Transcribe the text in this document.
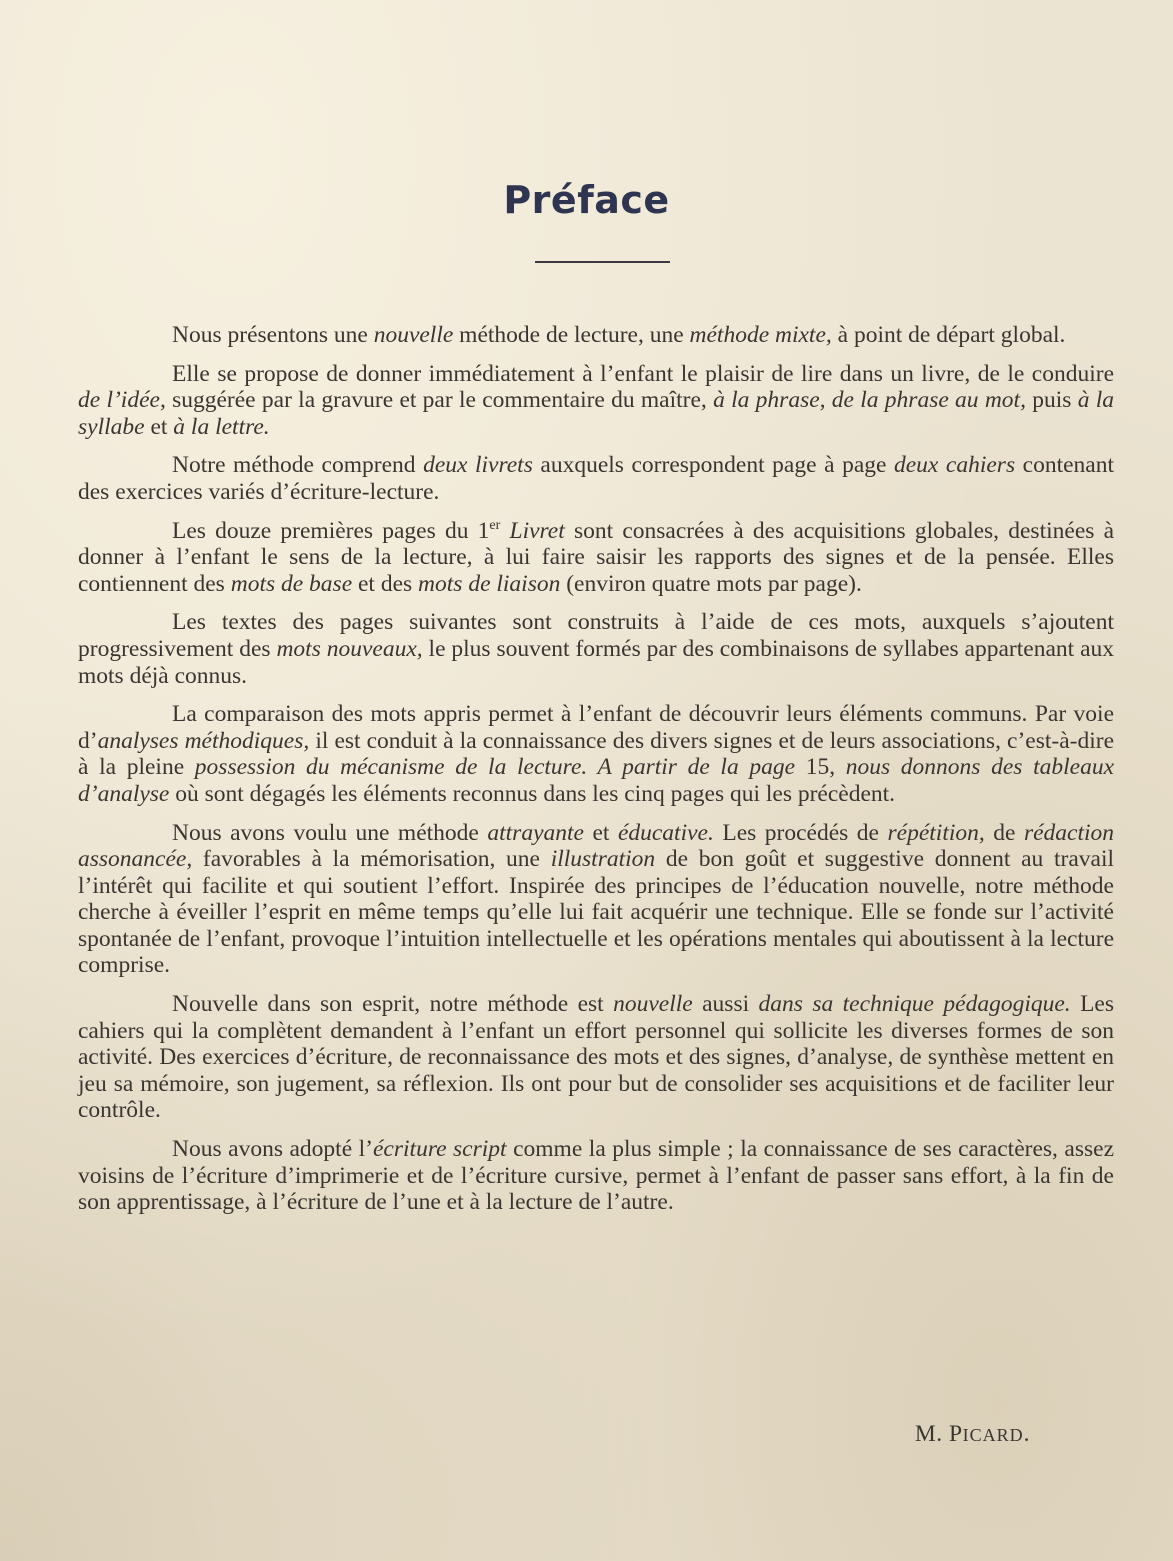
Préface

Nous présentons une nouvelle méthode de lecture, une méthode mixte, à point de départ global.

Elle se propose de donner immédiatement à l’enfant le plaisir de lire dans un livre, de le conduire de l’idée, suggérée par la gravure et par le commentaire du maître, à la phrase, de la phrase au mot, puis à la syllabe et à la lettre.

Notre méthode comprend deux livrets auxquels correspondent page à page deux cahiers contenant des exercices variés d’écriture-lecture.

Les douze premières pages du 1er Livret sont consacrées à des acquisitions globales, destinées à donner à l’enfant le sens de la lecture, à lui faire saisir les rapports des signes et de la pensée. Elles contiennent des mots de base et des mots de liaison (environ quatre mots par page).

Les textes des pages suivantes sont construits à l’aide de ces mots, auxquels s’ajoutent progressivement des mots nouveaux, le plus souvent formés par des combinaisons de syllabes appartenant aux mots déjà connus.

La comparaison des mots appris permet à l’enfant de découvrir leurs éléments communs. Par voie d’analyses méthodiques, il est conduit à la connaissance des divers signes et de leurs associations, c’est-à-dire à la pleine possession du mécanisme de la lecture. A partir de la page 15, nous donnons des tableaux d’analyse où sont dégagés les éléments reconnus dans les cinq pages qui les précèdent.

Nous avons voulu une méthode attrayante et éducative. Les procédés de répétition, de rédaction assonancée, favorables à la mémorisation, une illustration de bon goût et suggestive donnent au travail l’intérêt qui facilite et qui soutient l’effort. Inspirée des principes de l’éducation nouvelle, notre méthode cherche à éveiller l’esprit en même temps qu’elle lui fait acquérir une technique. Elle se fonde sur l’activité spontanée de l’enfant, provoque l’intuition intellectuelle et les opérations mentales qui aboutissent à la lecture comprise.

Nouvelle dans son esprit, notre méthode est nouvelle aussi dans sa technique pédagogique. Les cahiers qui la complètent demandent à l’enfant un effort personnel qui sollicite les diverses formes de son activité. Des exercices d’écriture, de reconnaissance des mots et des signes, d’analyse, de synthèse mettent en jeu sa mémoire, son jugement, sa réflexion. Ils ont pour but de consolider ses acquisitions et de faciliter leur contrôle.

Nous avons adopté l’écriture script comme la plus simple ; la connaissance de ses caractères, assez voisins de l’écriture d’imprimerie et de l’écriture cursive, permet à l’enfant de passer sans effort, à la fin de son apprentissage, à l’écriture de l’une et à la lecture de l’autre.

M. PICARD.
